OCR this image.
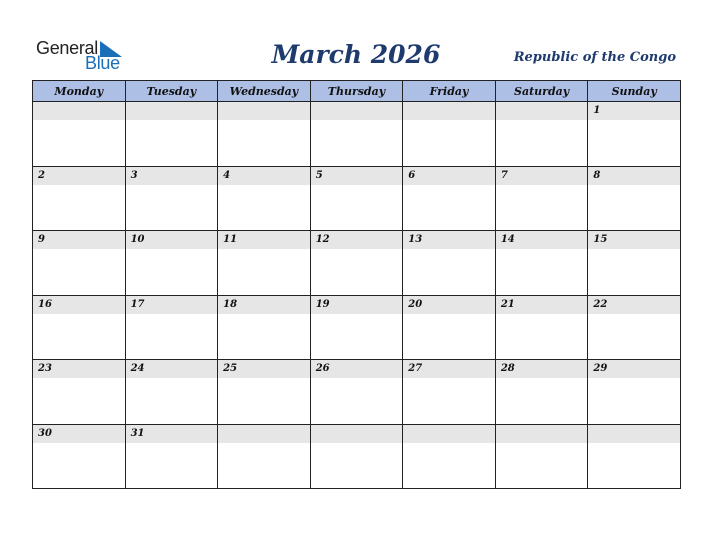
General
Blue	March 2026	Republic of the Congo
Monday	Tuesday	Wednesday	Thursday	Friday	Saturday	Sunday

						1

2	3	4	5	6	7	8

9	10	11	12	13	14	15

16	17	18	19	20	21	22

23	24	25	26	27	28	29

30	31					
